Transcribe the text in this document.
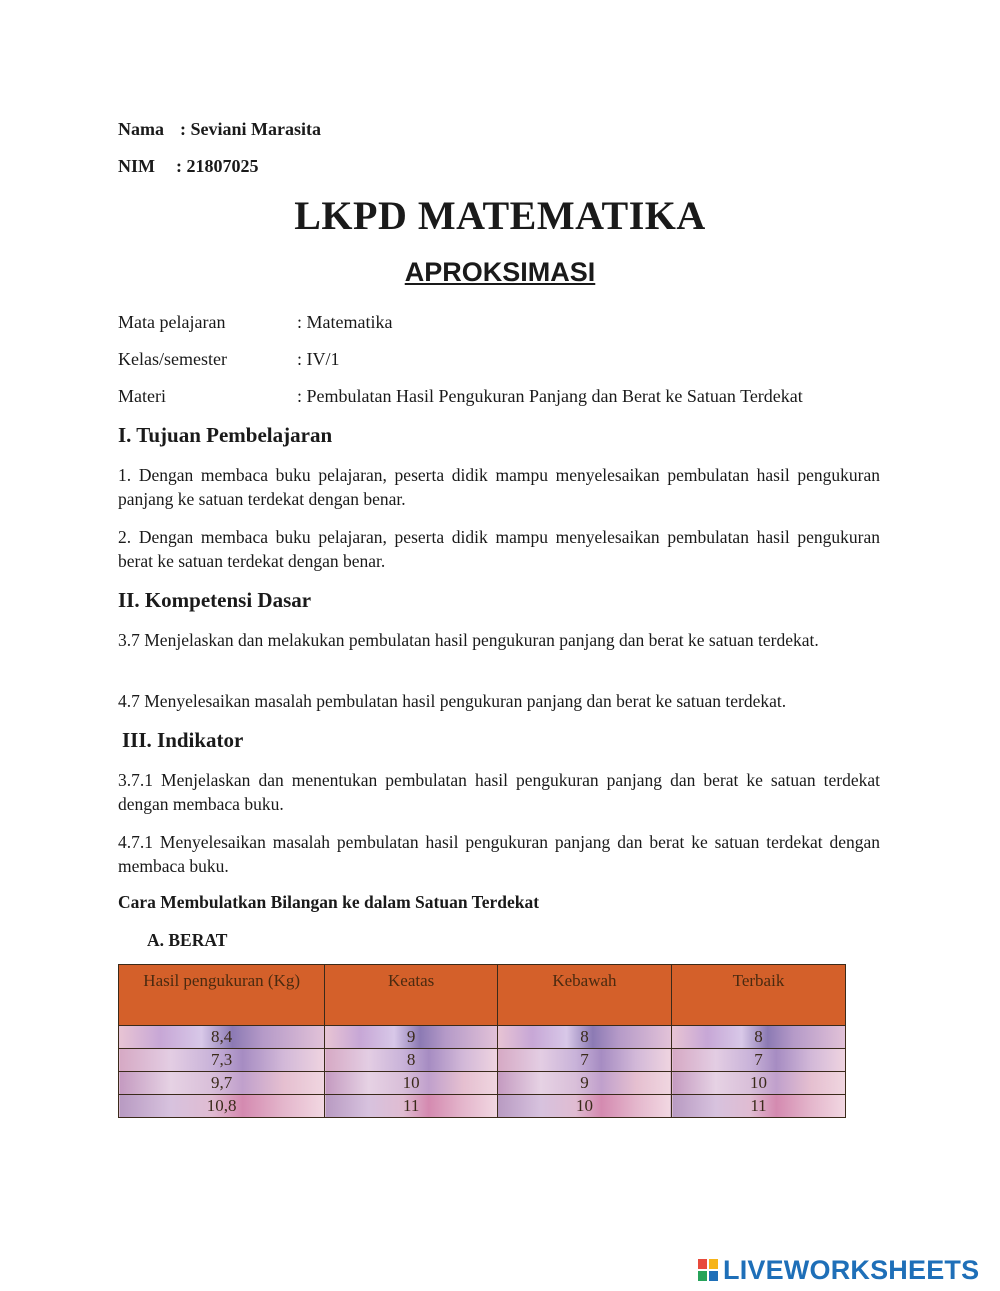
Nama : Seviani Marasita
NIM : 21807025
LKPD MATEMATIKA
APROKSIMASI
Mata pelajaran	: Matematika
Kelas/semester	: IV/1
Materi	: Pembulatan Hasil Pengukuran Panjang dan Berat ke Satuan Terdekat
I. Tujuan Pembelajaran
1. Dengan membaca buku pelajaran, peserta didik mampu menyelesaikan pembulatan hasil pengukuran panjang ke satuan terdekat dengan benar.
2. Dengan membaca buku pelajaran, peserta didik mampu menyelesaikan pembulatan hasil pengukuran berat ke satuan terdekat dengan benar.
II. Kompetensi Dasar
3.7 Menjelaskan dan melakukan pembulatan hasil pengukuran panjang dan berat ke satuan terdekat.
4.7 Menyelesaikan masalah pembulatan hasil pengukuran panjang dan berat ke satuan terdekat.
III. Indikator
3.7.1 Menjelaskan dan menentukan pembulatan hasil pengukuran panjang dan berat ke satuan terdekat dengan membaca buku.
4.7.1 Menyelesaikan masalah pembulatan hasil pengukuran panjang dan berat ke satuan terdekat dengan membaca buku.
Cara Membulatkan Bilangan ke dalam Satuan Terdekat
A. BERAT
Hasil pengukuran (Kg)	Keatas	Kebawah	Terbaik
8,4	9	8	8
7,3	8	7	7
9,7	10	9	10
10,8	11	10	11
LIVEWORKSHEETS
